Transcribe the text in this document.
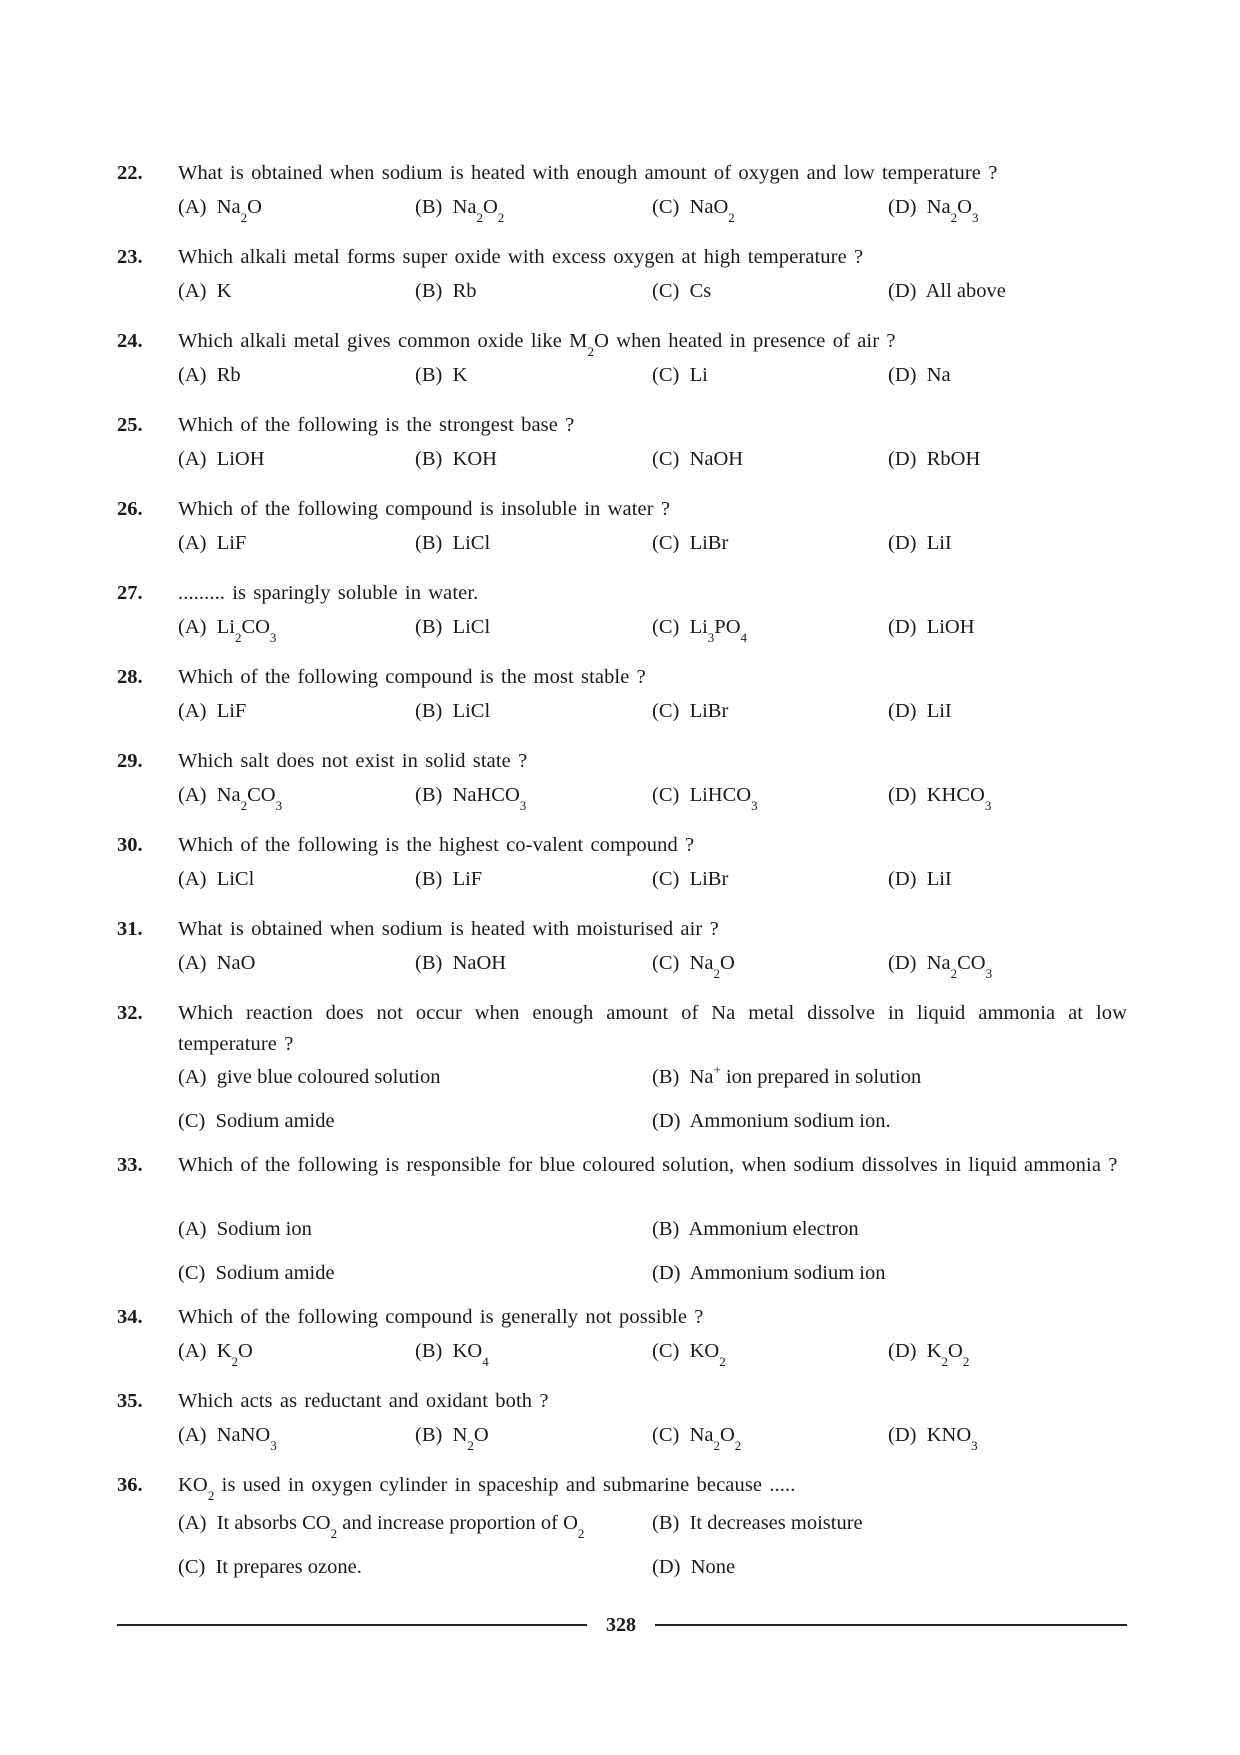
22. What is obtained when sodium is heated with enough amount of oxygen and low temperature ?
(A) $Na_2O$	(B) $Na_2O_2$	(C) NaO$_2$	(D) $Na_2O_3$
23. Which alkali metal forms super oxide with excess oxygen at high temperature ?
(A) K	(B) Rb	(C) Cs	(D) All above
24. Which alkali metal gives common oxide like $M_2O$ when heated in presence of air ?
(A) Rb	(B) K	(C) Li	(D) Na
25. Which of the following is the strongest base ?
(A) LiOH	(B) KOH	(C) NaOH	(D) RbOH
26. Which of the following compound is insoluble in water ?
(A) LiF	(B) LiCl	(C) LiBr	(D) LiI
27. ......... is sparingly soluble in water.
(A) $Li_2CO_3$	(B) LiCl	(C) $Li_3PO_4$	(D) LiOH
28. Which of the following compound is the most stable ?
(A) LiF	(B) LiCl	(C) LiBr	(D) LiI
29. Which salt does not exist in solid state ?
(A) $Na_2CO_3$	(B) NaHCO$_3$	(C) LiHCO$_3$	(D) $KHCO_3$
30. Which of the following is the highest co-valent compound ?
(A) LiCl	(B) LiF	(C) LiBr	(D) LiI
31. What is obtained when sodium is heated with moisturised air ?
(A) NaO	(B) NaOH	(C) $Na_2O$	(D) $Na_2CO_3$
32. Which reaction does not occur when enough amount of Na metal dissolve in liquid ammonia at low temperature ?
(A) give blue coloured solution	(B) Na+ ion prepared in solution
(C) Sodium amide	(D) Ammonium sodium ion.
33. Which of the following is responsible for blue coloured solution, when sodium dissolves in liquid ammonia ?
(A) Sodium ion	(B) Ammonium electron
(C) Sodium amide	(D) Ammonium sodium ion
34. Which of the following compound is generally not possible ?
(A) $K_2O$	(B) $KO_4$	(C) $KO_2$	(D) $K_2O_2$
35. Which acts as reductant and oxidant both ?
(A) NaNO$_3$	(B) $N_2O$	(C) $Na_2O_2$	(D) $KNO_3$
36. $KO_2$ is used in oxygen cylinder in spaceship and submarine because .....
(A) It absorbs $CO_2$ and increase proportion of $O_2$	(B) It decreases moisture
(C) It prepares ozone.	(D) None
328
